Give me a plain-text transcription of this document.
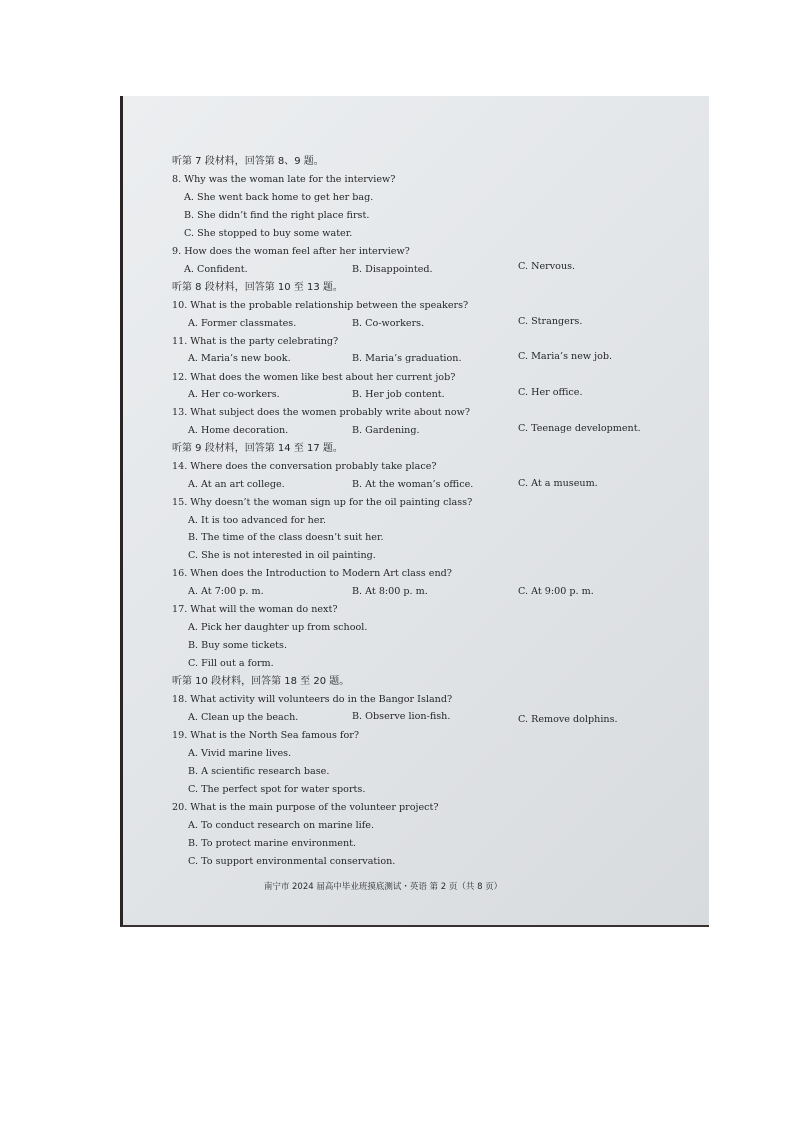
听第 7 段材料，回答第 8、9 题。
8. Why was the woman late for the interview?
A. She went back home to get her bag.
B. She didn’t find the right place first.
C. She stopped to buy some water.
9. How does the woman feel after her interview?
A. Confident.	B. Disappointed.	C. Nervous.
听第 8 段材料，回答第 10 至 13 题。
10. What is the probable relationship between the speakers?
A. Former classmates.	B. Co-workers.	C. Strangers.
11. What is the party celebrating?
A. Maria’s new book.	B. Maria’s graduation.	C. Maria’s new job.
12. What does the women like best about her current job?
A. Her co-workers.	B. Her job content.	C. Her office.
13. What subject does the women probably write about now?
A. Home decoration.	B. Gardening.	C. Teenage development.
听第 9 段材料，回答第 14 至 17 题。
14. Where does the conversation probably take place?
A. At an art college.	B. At the woman’s office.	C. At a museum.
15. Why doesn’t the woman sign up for the oil painting class?
A. It is too advanced for her.
B. The time of the class doesn’t suit her.
C. She is not interested in oil painting.
16. When does the Introduction to Modern Art class end?
A. At 7:00 p. m.	B. At 8:00 p. m.	C. At 9:00 p. m.
17. What will the woman do next?
A. Pick her daughter up from school.
B. Buy some tickets.
C. Fill out a form.
听第 10 段材料，回答第 18 至 20 题。
18. What activity will volunteers do in the Bangor Island?
A. Clean up the beach.	B. Observe lion-fish.	C. Remove dolphins.
19. What is the North Sea famous for?
A. Vivid marine lives.
B. A scientific research base.
C. The perfect spot for water sports.
20. What is the main purpose of the volunteer project?
A. To conduct research on marine life.
B. To protect marine environment.
C. To support environmental conservation.
南宁市 2024 届高中毕业班摸底测试・英语 第 2 页（共 8 页）
